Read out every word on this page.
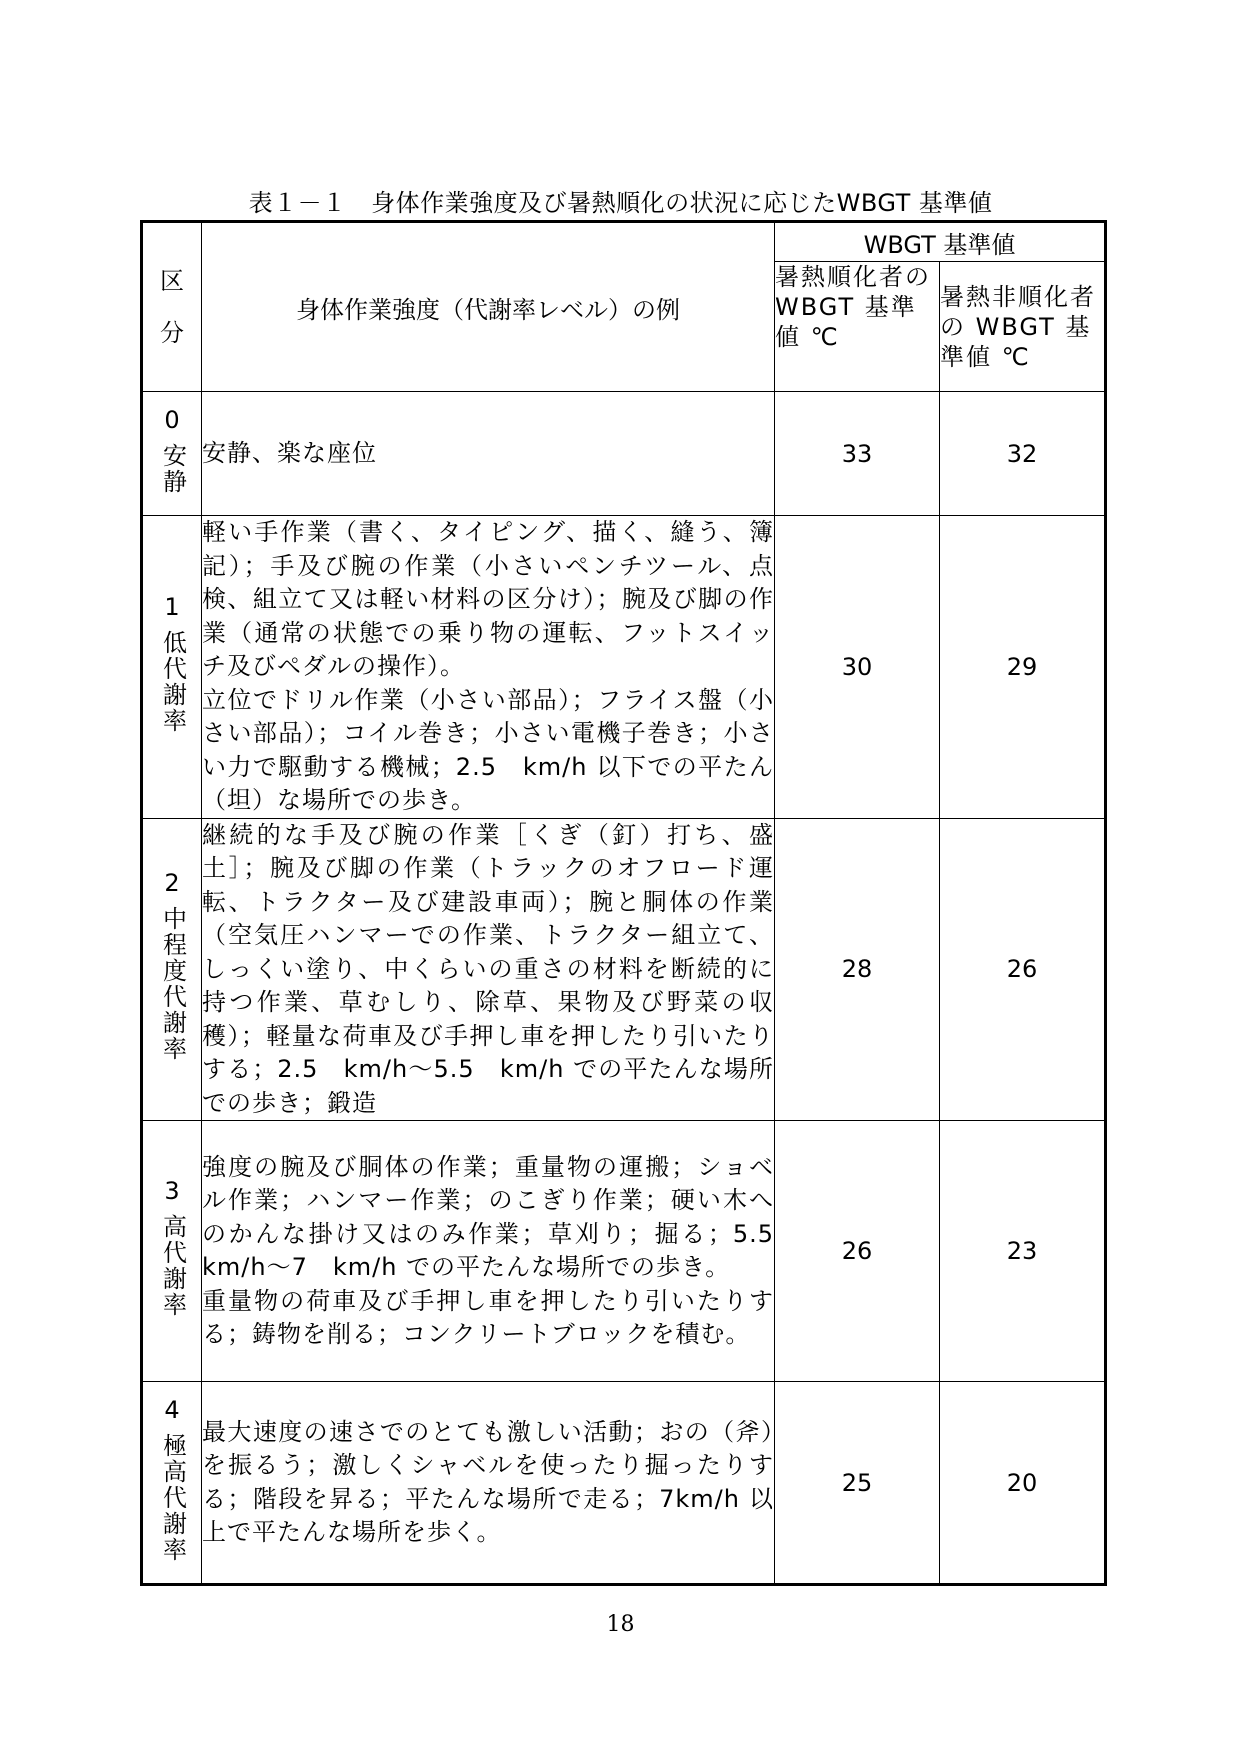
表１－１　身体作業強度及び暑熱順化の状況に応じたWBGT 基準値
区
分	身体作業強度（代謝率レベル）の例	WBGT 基準値	
		暑熱順化者の WBGT 基準値 ℃	暑熱非順化者の WBGT 基準値 ℃

0
安静	安静、楽な座位	33	32

1
低代謝率	軽い手作業（書く、タイピング、描く、縫う、簿記）；手及び腕の作業（小さいペンチツール、点検、組立て又は軽い材料の区分け）；腕及び脚の作業（通常の状態での乗り物の運転、フットスイッチ及びペダルの操作）。
立位でドリル作業（小さい部品）；フライス盤（小さい部品）；コイル巻き；小さい電機子巻き；小さい力で駆動する機械；2.5　km/h 以下での平たん（坦）な場所での歩き。	30	29

2
中程度代謝率	継続的な手及び腕の作業［くぎ（釘）打ち、盛土］；腕及び脚の作業（トラックのオフロード運転、トラクター及び建設車両）；腕と胴体の作業（空気圧ハンマーでの作業、トラクター組立て、しっくい塗り、中くらいの重さの材料を断続的に持つ作業、草むしり、除草、果物及び野菜の収穫）；軽量な荷車及び手押し車を押したり引いたりする；2.5　km/h～5.5　km/h での平たんな場所での歩き；鍛造	28	26

3
高代謝率	強度の腕及び胴体の作業；重量物の運搬；ショベル作業；ハンマー作業；のこぎり作業；硬い木へのかんな掛け又はのみ作業；草刈り；掘る；5.5　km/h～7　km/h での平たんな場所での歩き。
重量物の荷車及び手押し車を押したり引いたりする；鋳物を削る；コンクリートブロックを積む。	26	23

4
極高代謝率	最大速度の速さでのとても激しい活動；おの（斧）を振るう；激しくシャベルを使ったり掘ったりする；階段を昇る；平たんな場所で走る；7km/h 以上で平たんな場所を歩く。	25	20
18
